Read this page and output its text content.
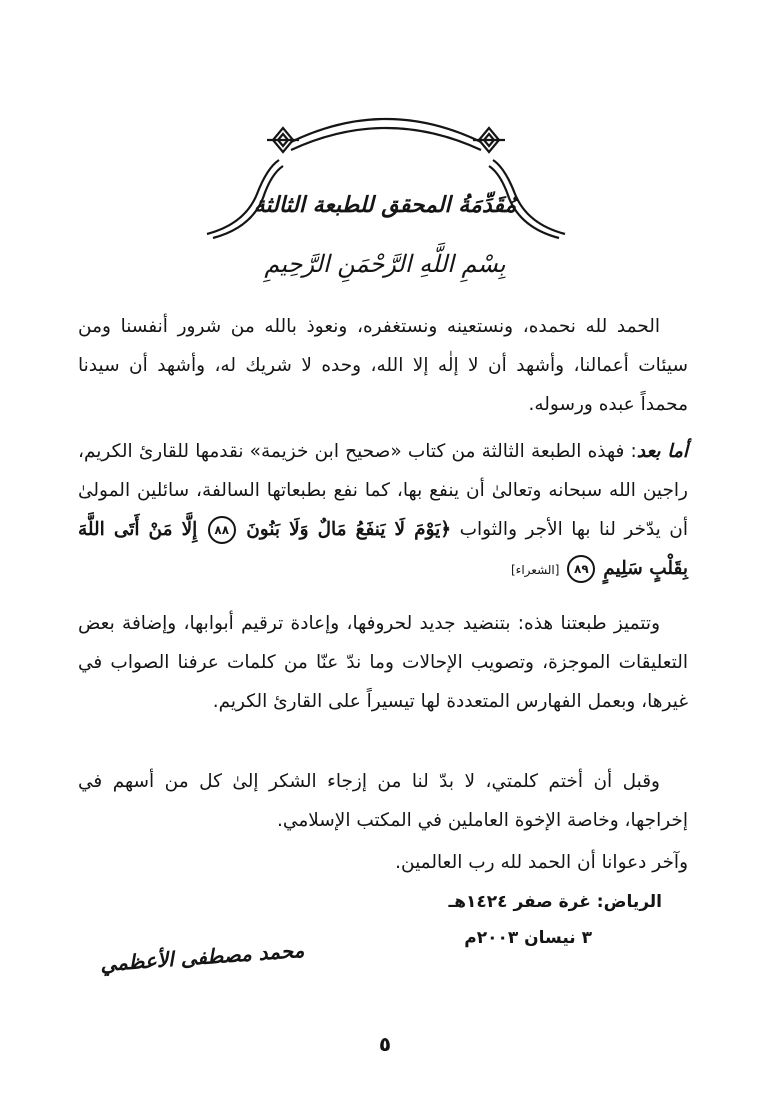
مُقَدِّمَةُ المحقق للطبعة الثالثة
بِسْمِ اللَّهِ الرَّحْمَنِ الرَّحِيمِ

الحمد لله نحمده، ونستعينه ونستغفره، ونعوذ بالله من شرور أنفسنا ومن سيئات أعمالنا، وأشهد أن لا إلٰه إلا الله، وحده لا شريك له، وأشهد أن سيدنا محمداً عبده ورسوله.

أما بعد: فهذه الطبعة الثالثة من كتاب «صحيح ابن خزيمة» نقدمها للقارئ الكريم، راجين الله سبحانه وتعالىٰ أن ينفع بها، كما نفع بطبعاتها السالفة، سائلين المولىٰ أن يدّخر لنا بها الأجر والثواب ﴿يَوْمَ لَا يَنفَعُ مَالٌ وَلَا بَنُونَ ٨٨ إِلَّا مَنْ أَتَى اللَّهَ بِقَلْبٍ سَلِيمٍ ٨٩ [الشعراء]

وتتميز طبعتنا هذه: بتنضيد جديد لحروفها، وإعادة ترقيم أبوابها، وإضافة بعض التعليقات الموجزة، وتصويب الإحالات وما ندّ عنّا من كلمات عرفنا الصواب في غيرها، وبعمل الفهارس المتعددة لها تيسيراً على القارئ الكريم.

وقبل أن أختم كلمتي، لا بدّ لنا من إزجاء الشكر إلىٰ كل من أسهم في إخراجها، وخاصة الإخوة العاملين في المكتب الإسلامي.

وآخر دعوانا أن الحمد لله رب العالمين.

الرياض: غرة صفر ١٤٢٤هـ
٣ نيسان ٢٠٠٣م
محمد مصطفى الأعظمي
٥
